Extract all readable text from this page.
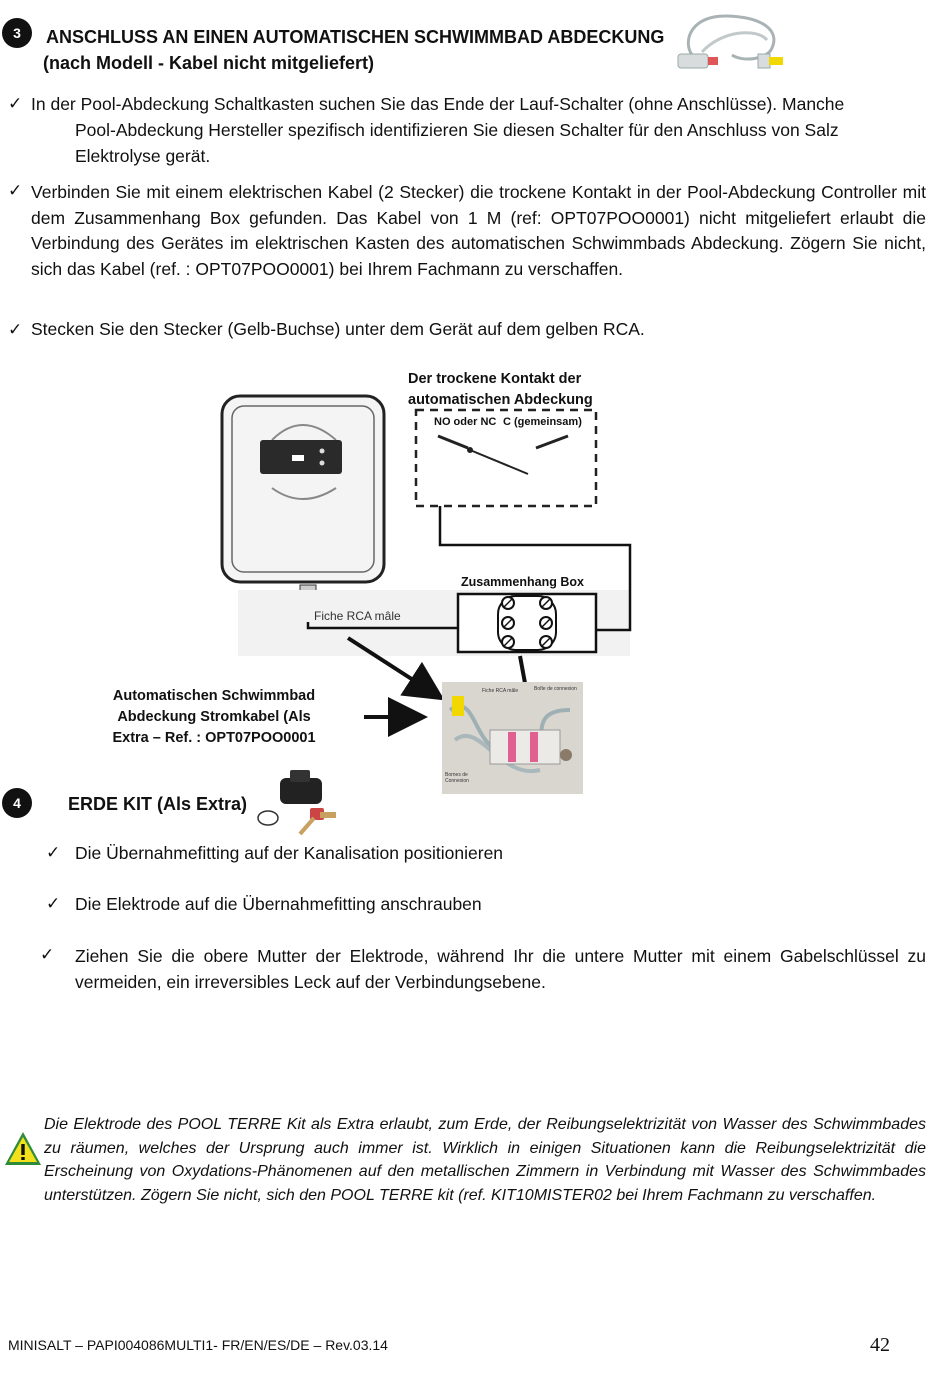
3 ANSCHLUSS AN EINEN AUTOMATISCHEN SCHWIMMBAD ABDECKUNG
(nach Modell - Kabel nicht mitgeliefert)
✓ In der Pool-Abdeckung Schaltkasten suchen Sie das Ende der Lauf-Schalter (ohne Anschlüsse). Manche
Pool-Abdeckung Hersteller spezifisch identifizieren Sie diesen Schalter für den Anschluss von Salz
Elektrolyse gerät.
✓ Verbinden Sie mit einem elektrischen Kabel (2 Stecker) die trockene Kontakt in der Pool-Abdeckung Controller mit dem Zusammenhang Box gefunden. Das Kabel von 1 M (ref: OPT07POO0001) nicht mitgeliefert erlaubt die Verbindung des Gerätes im elektrischen Kasten des automatischen Schwimmbads Abdeckung. Zögern Sie nicht, sich das Kabel (ref. : OPT07POO0001) bei Ihrem Fachmann zu verschaffen.
✓ Stecken Sie den Stecker (Gelb-Buchse) unter dem Gerät auf dem gelben RCA.
Der trockene Kontakt der automatischen Abdeckung
NO oder NC C (gemeinsam)
Zusammenhang Box
Fiche RCA mâle
Automatischen Schwimmbad Abdeckung Stromkabel (Als Extra – Ref. : OPT07POO0001
Fiche RCA mâle	Boîte de connexion
Bornes de Connexion
4	ERDE KIT (Als Extra)
✓ Die Übernahmefitting auf der Kanalisation positionieren
✓ Die Elektrode auf die Übernahmefitting anschrauben
✓ Ziehen Sie die obere Mutter der Elektrode, während Ihr die untere Mutter mit einem Gabelschlüssel zu vermeiden, ein irreversibles Leck auf der Verbindungsebene.
Die Elektrode des POOL TERRE Kit als Extra erlaubt, zum Erde, der Reibungselektrizität von Wasser des Schwimmbades zu räumen, welches der Ursprung auch immer ist. Wirklich in einigen Situationen kann die Reibungselektrizität die Erscheinung von Oxydations-Phänomenen auf den metallischen Zimmern in Verbindung mit Wasser des Schwimmbades unterstützen. Zögern Sie nicht, sich den POOL TERRE kit (ref. KIT10MISTER02 bei Ihrem Fachmann zu verschaffen.
MINISALT – PAPI004086MULTI1- FR/EN/ES/DE – Rev.03.14	42
